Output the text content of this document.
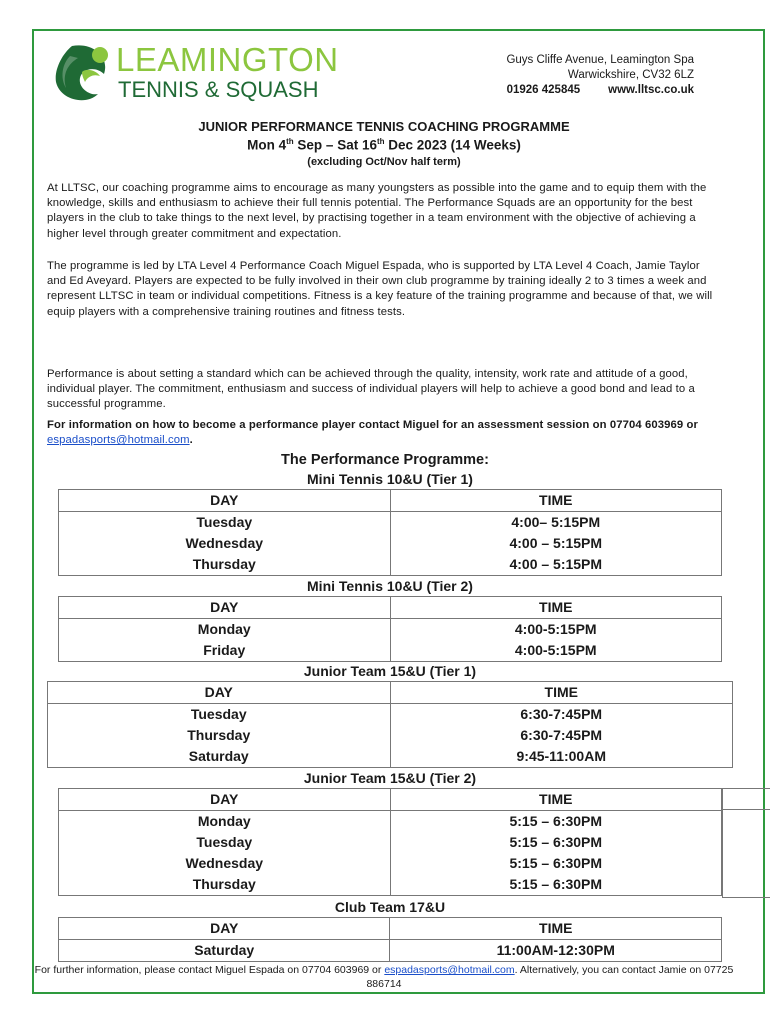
LEAMINGTON
TENNIS & SQUASH
Guys Cliffe Avenue, Leamington Spa
Warwickshire, CV32 6LZ
01926 425845 www.lltsc.co.uk
JUNIOR PERFORMANCE TENNIS COACHING PROGRAMME
Mon 4th Sep – Sat 16th Dec 2023 (14 Weeks)
(excluding Oct/Nov half term)
At LLTSC, our coaching programme aims to encourage as many youngsters as possible into the game and to equip them with the knowledge, skills and enthusiasm to achieve their full tennis potential. The Performance Squads are an opportunity for the best players in the club to take things to the next level, by practising together in a team environment with the objective of achieving a higher level through greater commitment and expectation.
The programme is led by LTA Level 4 Performance Coach Miguel Espada, who is supported by LTA Level 4 Coach, Jamie Taylor and Ed Aveyard. Players are expected to be fully involved in their own club programme by training ideally 2 to 3 times a week and represent LLTSC in team or individual competitions. Fitness is a key feature of the training programme and because of that, we will equip players with a comprehensive training routines and fitness tests.
Performance is about setting a standard which can be achieved through the quality, intensity, work rate and attitude of a good, individual player. The commitment, enthusiasm and success of individual players will help to achieve a good bond and lead to a successful programme.
For information on how to become a performance player contact Miguel for an assessment session on 07704 603969 or espadasports@hotmail.com.
The Performance Programme:
Mini Tennis 10&U (Tier 1)
DAY	TIME
Tuesday	4:00– 5:15PM
Wednesday	4:00 – 5:15PM
Thursday	4:00 – 5:15PM
Mini Tennis 10&U (Tier 2)
DAY	TIME
Monday	4:00-5:15PM
Friday	4:00-5:15PM
Junior Team 15&U (Tier 1)
DAY	TIME
Tuesday	6:30-7:45PM
Thursday	6:30-7:45PM
Saturday	9:45-11:00AM
Junior Team 15&U (Tier 2)
DAY	TIME
Monday	5:15 – 6:30PM
Tuesday	5:15 – 6:30PM
Wednesday	5:15 – 6:30PM
Thursday	5:15 – 6:30PM
Club Team 17&U
DAY	TIME
Saturday	11:00AM-12:30PM
For further information, please contact Miguel Espada on 07704 603969 or espadasports@hotmail.com. Alternatively, you can contact Jamie on 07725 886714
